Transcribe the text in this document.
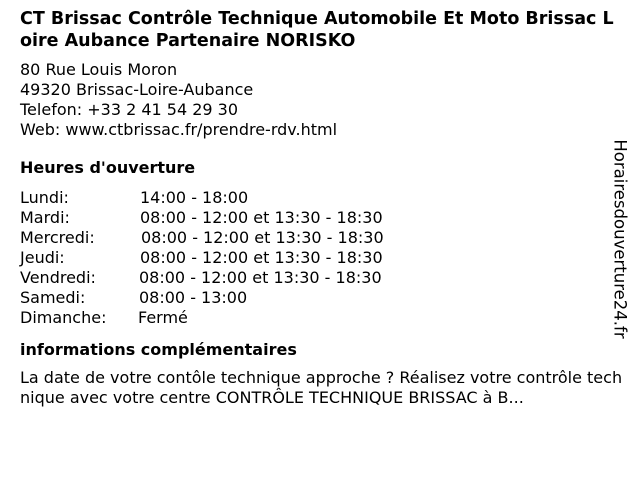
CT Brissac Contrôle Technique Automobile Et Moto Brissac Loire Aubance Partenaire NORISKO
80 Rue Louis Moron
49320 Brissac-Loire-Aubance
Telefon: +33 2 41 54 29 30
Web: www.ctbrissac.fr/prendre-rdv.html
Heures d'ouverture
Lundi:	14:00 - 18:00
Mardi:	08:00 - 12:00 et 13:30 - 18:30
Mercredi:	08:00 - 12:00 et 13:30 - 18:30
Jeudi:	08:00 - 12:00 et 13:30 - 18:30
Vendredi:	08:00 - 12:00 et 13:30 - 18:30
Samedi:	08:00 - 13:00
Dimanche: Fermé
informations complémentaires
La date de votre contôle technique approche ? Réalisez votre contrôle technique avec votre centre CONTRÔLE TECHNIQUE BRISSAC à B...
Horairesdouverture24.fr
